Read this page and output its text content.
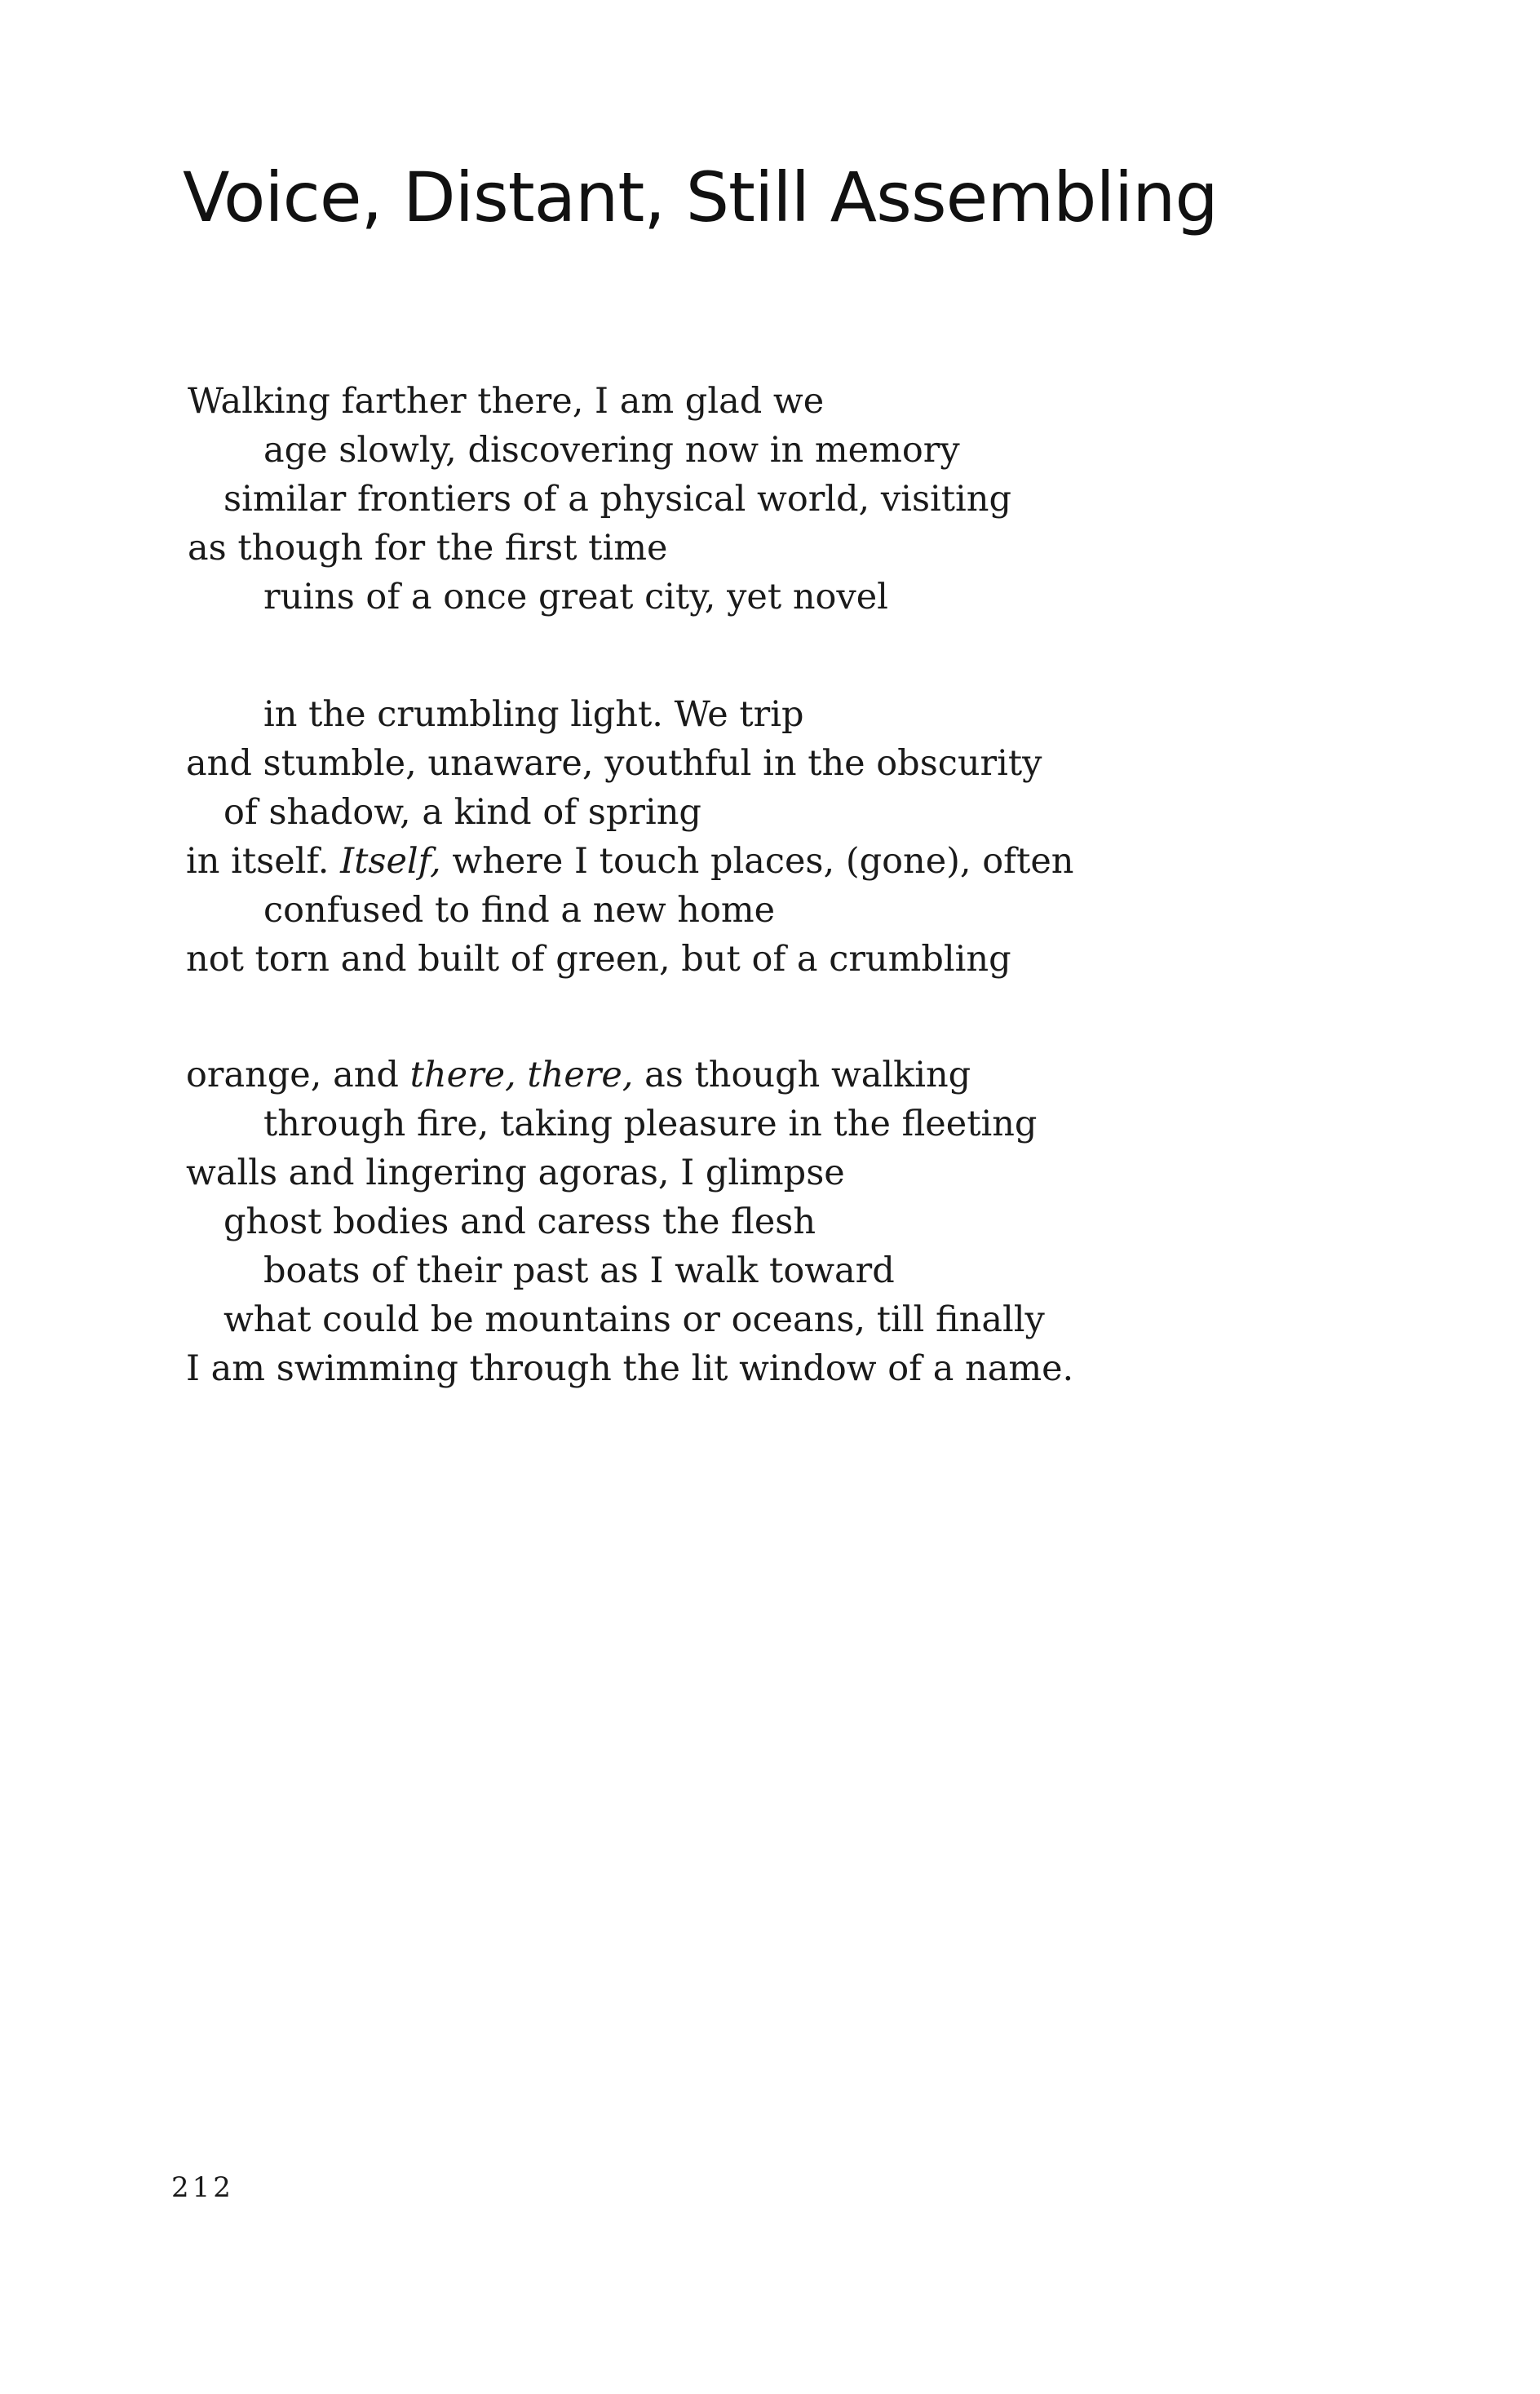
Voice, Distant, Still Assembling

Walking farther there, I am glad we

age slowly, discovering now in memory

similar frontiers of a physical world, visiting

as though for the first time

ruins of a once great city, yet novel

in the crumbling light. We trip

and stumble, unaware, youthful in the obscurity

of shadow, a kind of spring

in itself. Itself, where I touch places, (gone), often

confused to find a new home

not torn and built of green, but of a crumbling

orange, and there, there, as though walking

through fire, taking pleasure in the fleeting

walls and lingering agoras, I glimpse

ghost bodies and caress the flesh

boats of their past as I walk toward

what could be mountains or oceans, till finally

I am swimming through the lit window of a name.

212
